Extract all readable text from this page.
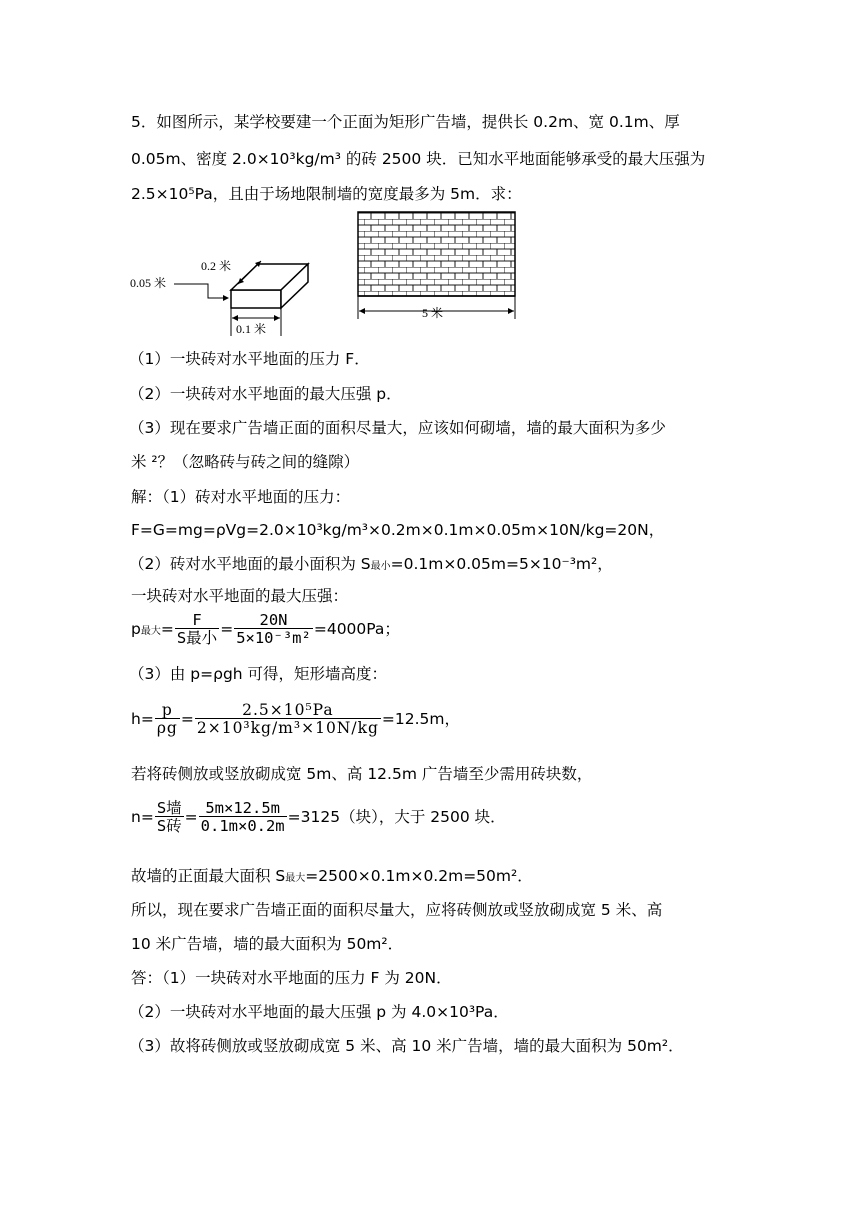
5．如图所示，某学校要建一个正面为矩形广告墙，提供长 0.2m、宽 0.1m、厚
0.05m、密度 2.0×10³kg/m³ 的砖 2500 块．已知水平地面能够承受的最大压强为
2.5×10⁵Pa，且由于场地限制墙的宽度最多为 5m．求：
0.2 米
0.05 米
0.1 米
5 米
（1）一块砖对水平地面的压力 F．
（2）一块砖对水平地面的最大压强 p．
（3）现在要求广告墙正面的面积尽量大，应该如何砌墙，墙的最大面积为多少
米 ²？（忽略砖与砖之间的缝隙）
解：（1）砖对水平地面的压力：
F=G=mg=ρVg=2.0×10³kg/m³×0.2m×0.1m×0.05m×10N/kg=20N，
（2）砖对水平地面的最小面积为 S最小=0.1m×0.05m=5×10⁻³m²，
一块砖对水平地面的最大压强：
p最大= $\frac{F}{\text{S最小}} = \frac{20N}{\text{5×10⁻³m²}} =4000Pa$；
（3）由 p=ρgh 可得，矩形墙高度：
$h= \frac{p}{\rho g} = \frac{\text{2.5×10⁵Pa}}{\text{2×10³kg/m³×10N/kg}} =12.5m$，
若将砖侧放或竖放砌成宽 5m、高 12.5m 广告墙至少需用砖块数，
$n= \frac{\text{S墙}}{\text{S砖}} = \frac{5m\times 12.5m}{0.1m\times 0.2m} =3125$（块），大于 2500 块．
故墙的正面最大面积 S最大=2500×0.1m×0.2m=50m²．
所以，现在要求广告墙正面的面积尽量大，应将砖侧放或竖放砌成宽 5 米、高
10 米广告墙，墙的最大面积为 50m²．
答：（1）一块砖对水平地面的压力 F 为 20N．
（2）一块砖对水平地面的最大压强 p 为 4.0×10³Pa．
（3）故将砖侧放或竖放砌成宽 5 米、高 10 米广告墙，墙的最大面积为 50m²．
